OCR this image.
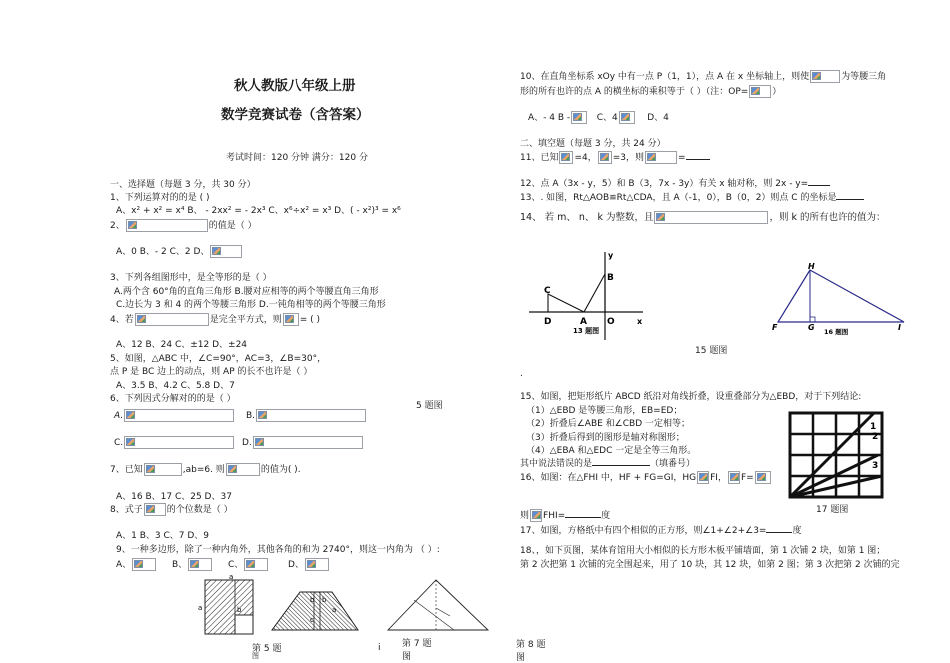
秋人教版八年级上册
数学竞赛试卷（含答案）
考试时间：120 分钟 满分：120 分
一、选择题（每题 3 分，共 30 分）
1、下列运算对的的是 ( )
A、x² + x² = x⁴ B、 - 2xx² = - 2x³ C、x⁶÷x² = x³ D、( - x²)³ = x⁶
2、	的值是（ ）
A、0 B、- 2 C、2 D、
3、下列各组图形中，是全等形的是（ ）
A.两个含 60°角的直角三角形 B.腰对应相等的两个等腰直角三角形
C.边长为 3 和 4 的两个等腰三角形 D.一钝角相等的两个等腰三角形
4、若	是完全平方式，则 = ( )
A、12 B、24 C、±12 D、±24
5、如图，△ABC 中，∠C=90°，AC=3，∠B=30°，
点 P 是 BC 边上的动点，则 AP 的长不也许是（ ）
A、3.5 B、4.2 C、5.8 D、7
5 题图
6、下列因式分解对的的是（ ）
A.	B.
C.	D.
7、已知	,ab=6. 则	的值为( ).
A、16 B、17 C、25 D、37
8、式子	的个位数是（ ）
A、1 B、3 C、7 D、9
9、一种多边形，除了一种内角外，其他各角的和为 2740°，则这一内角为 （ ）:
A、	B、	C、	D、
a
a	b
b b
c
a
第 5 题
图
i 第 7 题
图
10、在直角坐标系 xOy 中有一点 P（1，1），点 A 在 x 坐标轴上，则使	为等腰三角
形的所有也许的点 A 的横坐标的乘积等于（ ）（注：OP=	）
A、- 4 B -	C、4	D、4
二、填空题（每题 3 分，共 24 分）
11、已知 =4， =3，则	=
12、点 A（3x - y，5）和 B（3，7x - 3y）有关 x 轴对称，则 2x - y=
13、. 如图，Rt△AOB≌Rt△CDA，且 A（-1，0），B（0，2）则点 C 的坐标是
14、 若 m、 n、 k 为整数，且	，则 k 的所有也许的值为：
C
D	A O
B
x
y
13 题图
H
F	G	I
16 题图
15 题图
.
15、如图，把矩形纸片 ABCD 纸沿对角线折叠，设重叠部分为△EBD，对于下列结论:
（1）△EBD 是等腰三角形，EB=ED；
（2）折叠后∠ABE 和∠CBD 一定相等；
（3）折叠后得到的图形是轴对称图形；
（4）△EBA 和△EDC 一定是全等三角形。
其中说法错误的是	（填番号）
16、如图：在△FHI 中，HF + FG=GI，HG FI， F=
则 FHI=	度
1
2
3
17 题图
17、如图，方格纸中有四个相似的正方形，则∠1+∠2+∠3=	度
18、，如下页图，某体育馆用大小相似的长方形木板平铺墙面，第 1 次铺 2 块，如第 1 图；
第 2 次把第 1 次铺的完全围起来，用了 10 块，其 12 块，如第 2 图；第 3 次把第 2 次铺的完
第 8 题
图
